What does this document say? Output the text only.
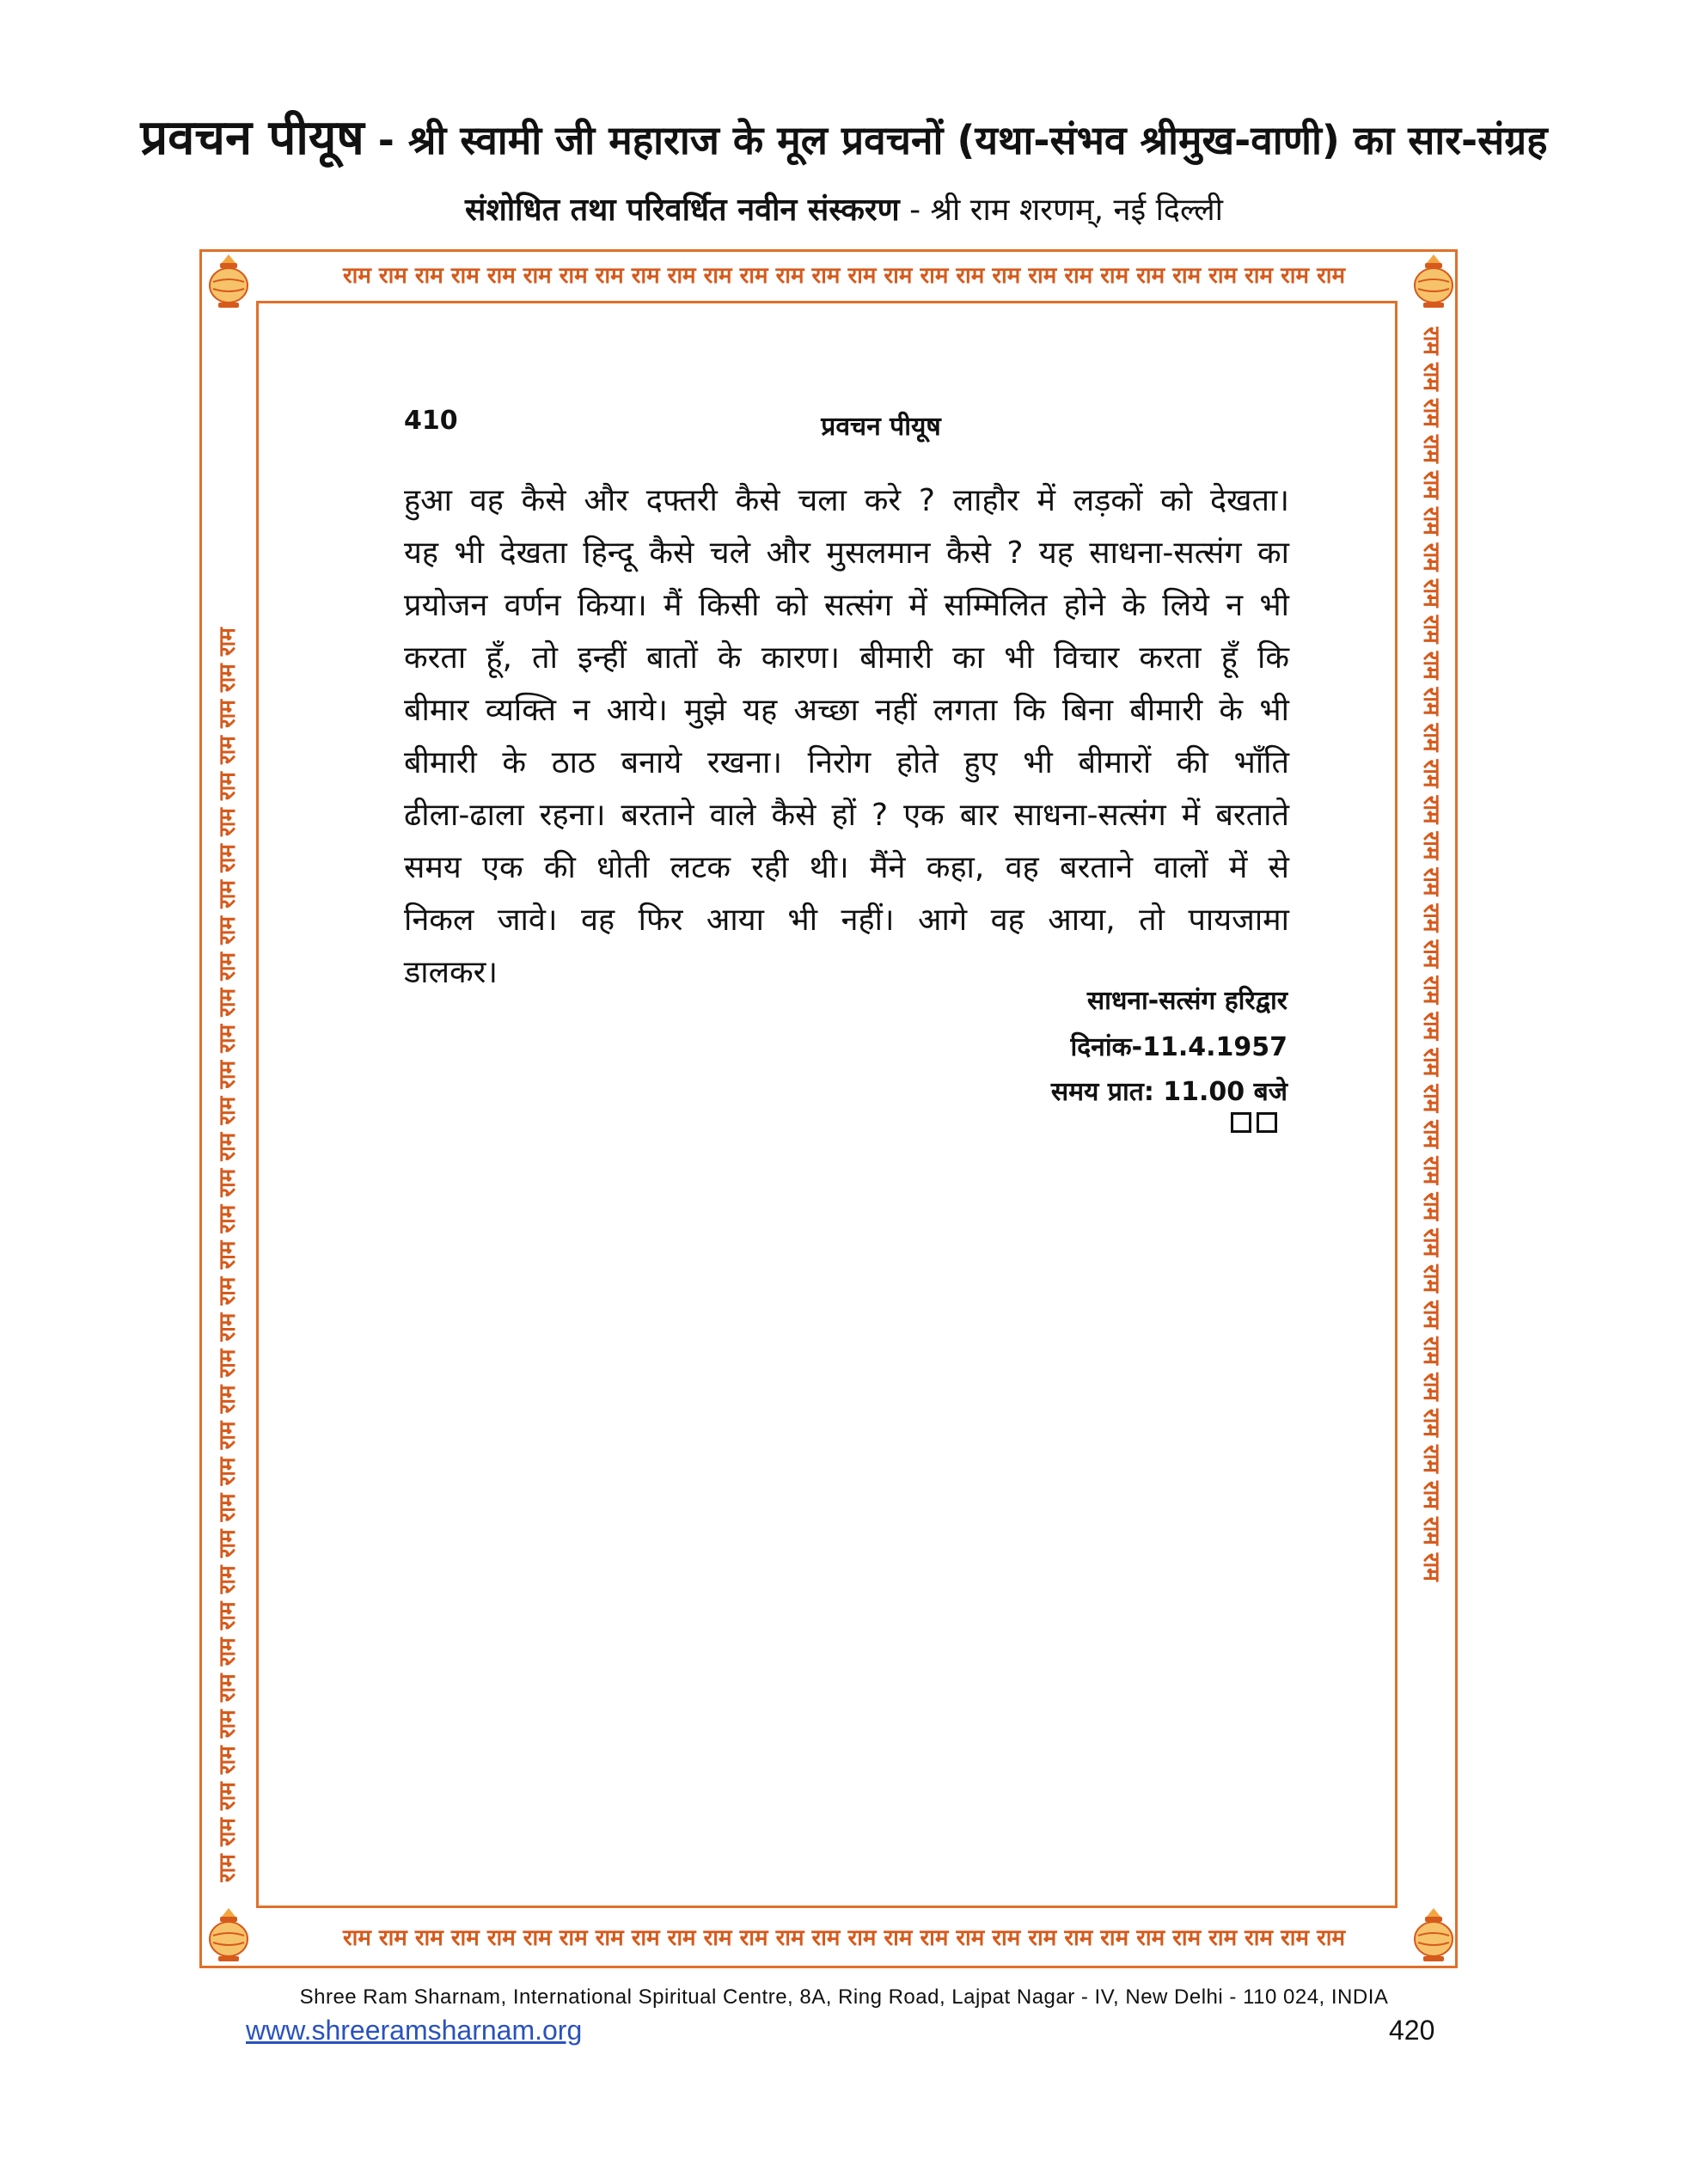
प्रवचन पीयूष - श्री स्वामी जी महाराज के मूल प्रवचनों (यथा-संभव श्रीमुख-वाणी) का सार-संग्रह
संशोधित तथा परिवर्धित नवीन संस्करण - श्री राम शरणम्, नई दिल्ली
राम राम राम राम राम राम राम राम राम राम राम राम राम राम राम राम राम राम राम राम राम राम राम राम राम राम राम राम
राम राम राम राम राम राम राम राम राम राम राम राम राम राम राम राम राम राम राम राम राम राम राम राम राम राम राम राम
राम राम राम राम राम राम राम राम राम राम राम राम राम राम राम राम राम राम राम राम राम राम राम राम राम राम राम राम राम राम राम राम राम राम राम	राम राम राम राम राम राम राम राम राम राम राम राम राम राम राम राम राम राम राम राम राम राम राम राम राम राम राम राम राम राम राम राम राम राम राम
410	प्रवचन पीयूष
हुआ वह कैसे और दफ्तरी कैसे चला करे ? लाहौर में लड़कों को देखता।
यह भी देखता हिन्दू कैसे चले और मुसलमान कैसे ? यह साधना-सत्संग का
प्रयोजन वर्णन किया। मैं किसी को सत्संग में सम्मिलित होने के लिये न भी
करता हूँ, तो इन्हीं बातों के कारण। बीमारी का भी विचार करता हूँ कि
बीमार व्यक्ति न आये। मुझे यह अच्छा नहीं लगता कि बिना बीमारी के भी
बीमारी के ठाठ बनाये रखना। निरोग होते हुए भी बीमारों की भाँति
ढीला-ढाला रहना। बरताने वाले कैसे हों ? एक बार साधना-सत्संग में बरताते
समय एक की धोती लटक रही थी। मैंने कहा, वह बरताने वालों में से
निकल जावे। वह फिर आया भी नहीं। आगे वह आया, तो पायजामा
डालकर।
साधना-सत्संग हरिद्वार
दिनांक-11.4.1957
समय प्रात: 11.00 बजे
Shree Ram Sharnam, International Spiritual Centre, 8A, Ring Road, Lajpat Nagar - IV, New Delhi - 110 024, INDIA
www.shreeramsharnam.org	420
